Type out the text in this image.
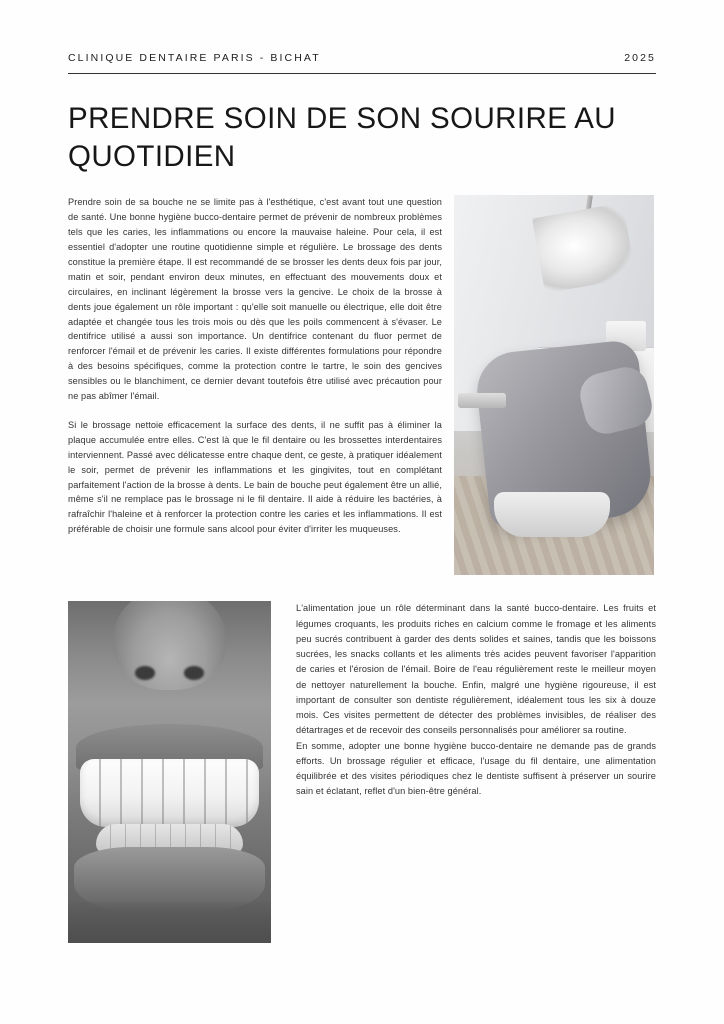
CLINIQUE DENTAIRE PARIS - BICHAT	2025
PRENDRE SOIN DE SON SOURIRE AU QUOTIDIEN

Prendre soin de sa bouche ne se limite pas à l'esthétique, c'est avant tout une question de santé. Une bonne hygiène bucco-dentaire permet de prévenir de nombreux problèmes tels que les caries, les inflammations ou encore la mauvaise haleine. Pour cela, il est essentiel d'adopter une routine quotidienne simple et régulière. Le brossage des dents constitue la première étape. Il est recommandé de se brosser les dents deux fois par jour, matin et soir, pendant environ deux minutes, en effectuant des mouvements doux et circulaires, en inclinant légèrement la brosse vers la gencive. Le choix de la brosse à dents joue également un rôle important : qu'elle soit manuelle ou électrique, elle doit être adaptée et changée tous les trois mois ou dès que les poils commencent à s'évaser. Le dentifrice utilisé a aussi son importance. Un dentifrice contenant du fluor permet de renforcer l'émail et de prévenir les caries. Il existe différentes formulations pour répondre à des besoins spécifiques, comme la protection contre le tartre, le soin des gencives sensibles ou le blanchiment, ce dernier devant toutefois être utilisé avec précaution pour ne pas abîmer l'émail.

Si le brossage nettoie efficacement la surface des dents, il ne suffit pas à éliminer la plaque accumulée entre elles. C'est là que le fil dentaire ou les brossettes interdentaires interviennent. Passé avec délicatesse entre chaque dent, ce geste, à pratiquer idéalement le soir, permet de prévenir les inflammations et les gingivites, tout en complétant parfaitement l'action de la brosse à dents. Le bain de bouche peut également être un allié, même s'il ne remplace pas le brossage ni le fil dentaire. Il aide à réduire les bactéries, à rafraîchir l'haleine et à renforcer la protection contre les caries et les inflammations. Il est préférable de choisir une formule sans alcool pour éviter d'irriter les muqueuses.

L'alimentation joue un rôle déterminant dans la santé bucco-dentaire. Les fruits et légumes croquants, les produits riches en calcium comme le fromage et les aliments peu sucrés contribuent à garder des dents solides et saines, tandis que les boissons sucrées, les snacks collants et les aliments très acides peuvent favoriser l'apparition de caries et l'érosion de l'émail. Boire de l'eau régulièrement reste le meilleur moyen de nettoyer naturellement la bouche. Enfin, malgré une hygiène rigoureuse, il est important de consulter son dentiste régulièrement, idéalement tous les six à douze mois. Ces visites permettent de détecter des problèmes invisibles, de réaliser des détartrages et de recevoir des conseils personnalisés pour améliorer sa routine.

En somme, adopter une bonne hygiène bucco-dentaire ne demande pas de grands efforts. Un brossage régulier et efficace, l'usage du fil dentaire, une alimentation équilibrée et des visites périodiques chez le dentiste suffisent à préserver un sourire sain et éclatant, reflet d'un bien-être général.
